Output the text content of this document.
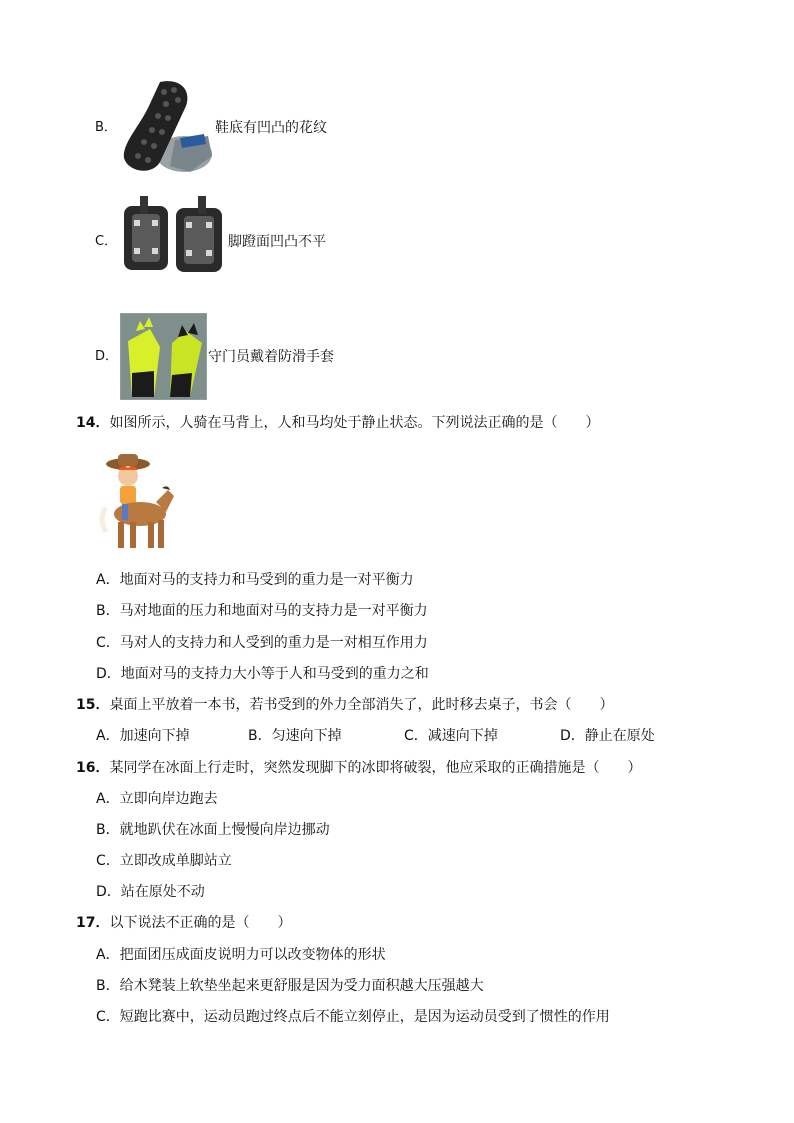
B．	鞋底有凹凸的花纹
C．	脚蹬面凹凸不平
D．	守门员戴着防滑手套
14．如图所示，人骑在马背上，人和马均处于静止状态。下列说法正确的是（　　）
A．地面对马的支持力和马受到的重力是一对平衡力
B．马对地面的压力和地面对马的支持力是一对平衡力
C．马对人的支持力和人受到的重力是一对相互作用力
D．地面对马的支持力大小等于人和马受到的重力之和
15．桌面上平放着一本书，若书受到的外力全部消失了，此时移去桌子，书会（　　）
A．加速向下掉	B．匀速向下掉	C．减速向下掉	D．静止在原处
16．某同学在冰面上行走时，突然发现脚下的冰即将破裂，他应采取的正确措施是（　　）
A．立即向岸边跑去
B．就地趴伏在冰面上慢慢向岸边挪动
C．立即改成单脚站立
D．站在原处不动
17．以下说法不正确的是（　　）
A．把面团压成面皮说明力可以改变物体的形状
B．给木凳装上软垫坐起来更舒服是因为受力面积越大压强越大
C．短跑比赛中，运动员跑过终点后不能立刻停止，是因为运动员受到了惯性的作用
